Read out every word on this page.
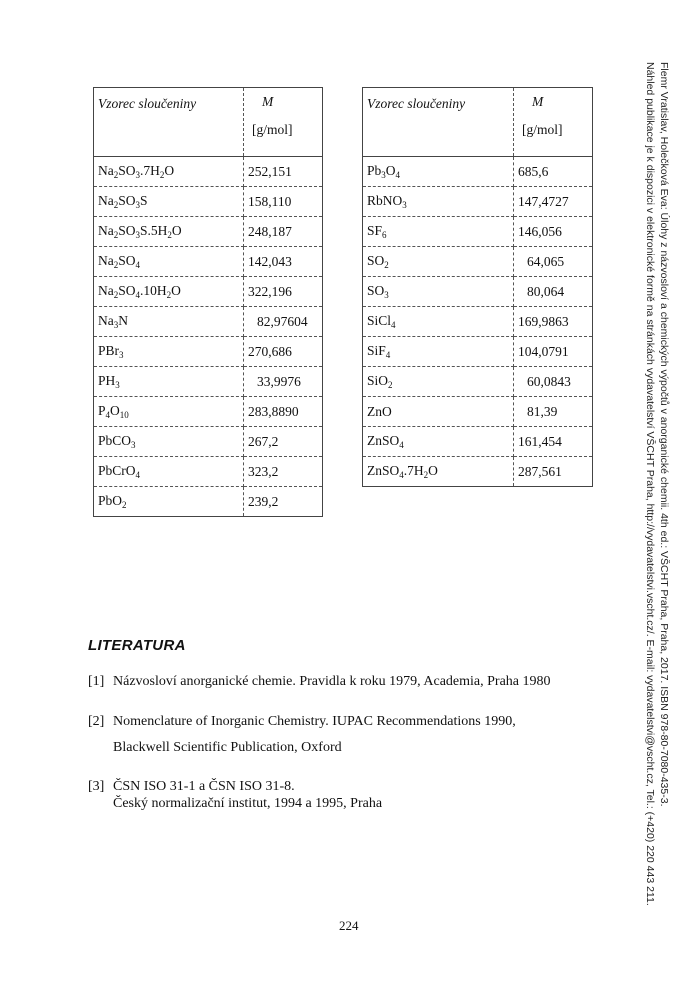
Vzorec sloučeniny	M
[g/mol]

$Na_2SO_3.7H_2O$	252,151
$Na_2SO_3S$	158,110
$Na_2SO_3S.5H_2O$	248,187
$Na_2SO_4$	142,043
$Na_2SO_4.10H_2O$	322,196
$Na_3N$	82,97604
PBr$_3$	270,686
$PH_3$	33,9976
$P_4O_{10}$	283,8890
PbCO$_3$	267,2
PbCrO$_4$	323,2
PbO$_2$	239,2
Vzorec sloučeniny	M
[g/mol]

$Pb_3O_4$	685,6
RbNO$_3$	147,4727
$SF_6$	146,056
$SO_2$	64,065
$SO_3$	80,064
SiCl$_4$	169,9863
SiF$_4$	104,0791
SiO$_2$	60,0843
ZnO	81,39
ZnSO$_4$	161,454
$ZnSO_4.7H_2O$	287,561
LITERATURA
[1] Názvosloví anorganické chemie. Pravidla k roku 1979, Academia, Praha 1980
[2] Nomenclature of Inorganic Chemistry. IUPAC Recommendations 1990,
Blackwell Scientific Publication, Oxford
[3] ČSN ISO 31-1 a ČSN ISO 31-8.
Český normalizační institut, 1994 a 1995, Praha
224
Flemr Vratislav, Holečková Eva: Úlohy z názvosloví a chemických výpočtů v anorganické chemii. 4th ed.: VŠCHT Praha, Praha, 2017. ISBN 978-80-7080-435-3.
Náhled publikace je k dispozici v elektronické formě na stránkách vydavatelství VŠCHT Praha, http://vydavatelstvi.vscht.cz/. E-mail: vydavatelstvi@vscht.cz, Tel.: (+420) 220 443 211.
